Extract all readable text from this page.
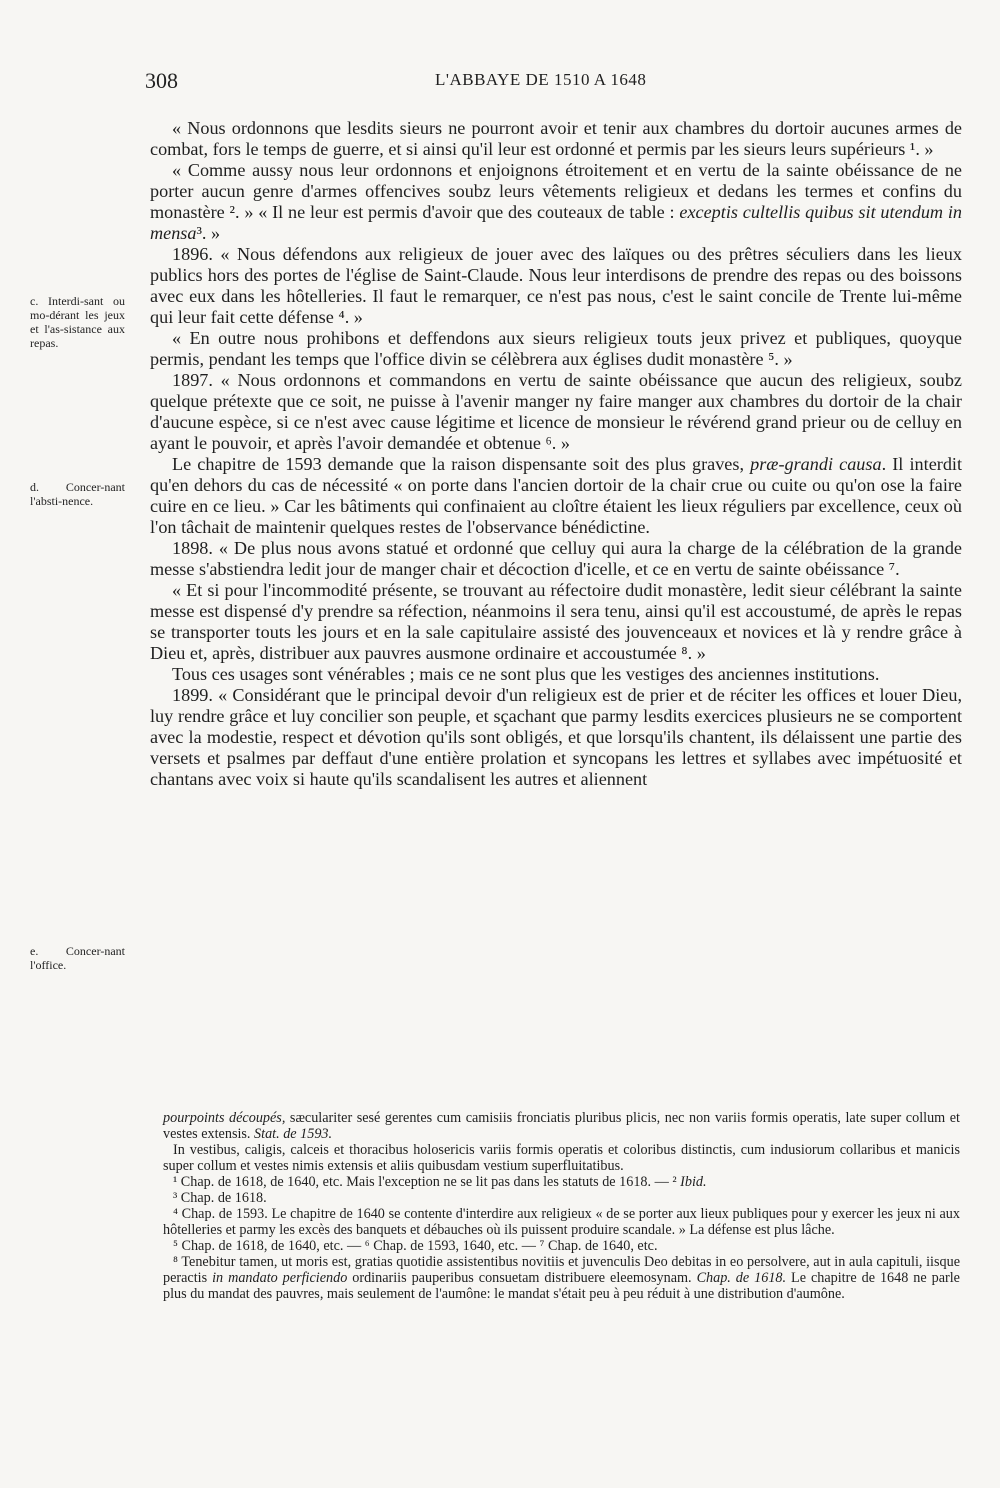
308	L'ABBAYE DE 1510 A 1648
c. Interdi-sant ou mo-dérant les jeux et l'as-sistance aux repas.
d. Concer-nant l'absti-nence.
e. Concer-nant l'office.

« Nous ordonnons que lesdits sieurs ne pourront avoir et tenir aux chambres du dortoir aucunes armes de combat, fors le temps de guerre, et si ainsi qu'il leur est ordonné et permis par les sieurs leurs supérieurs ¹. »

« Comme aussy nous leur ordonnons et enjoignons étroitement et en vertu de la sainte obéissance de ne porter aucun genre d'armes offencives soubz leurs vêtements religieux et dedans les termes et confins du monastère ². » « Il ne leur est permis d'avoir que des couteaux de table : exceptis cultellis quibus sit utendum in mensa³. »

1896. « Nous défendons aux religieux de jouer avec des laïques ou des prêtres séculiers dans les lieux publics hors des portes de l'église de Saint-Claude. Nous leur interdisons de prendre des repas ou des boissons avec eux dans les hôtelleries. Il faut le remarquer, ce n'est pas nous, c'est le saint concile de Trente lui-même qui leur fait cette défense ⁴. »

« En outre nous prohibons et deffendons aux sieurs religieux touts jeux privez et publiques, quoyque permis, pendant les temps que l'office divin se célèbrera aux églises dudit monastère ⁵. »

1897. « Nous ordonnons et commandons en vertu de sainte obéissance que aucun des religieux, soubz quelque prétexte que ce soit, ne puisse à l'avenir manger ny faire manger aux chambres du dortoir de la chair d'aucune espèce, si ce n'est avec cause légitime et licence de monsieur le révérend grand prieur ou de celluy en ayant le pouvoir, et après l'avoir demandée et obtenue ⁶. »

Le chapitre de 1593 demande que la raison dispensante soit des plus graves, præ-grandi causa. Il interdit qu'en dehors du cas de nécessité « on porte dans l'ancien dortoir de la chair crue ou cuite ou qu'on ose la faire cuire en ce lieu. » Car les bâtiments qui confinaient au cloître étaient les lieux réguliers par excellence, ceux où l'on tâchait de maintenir quelques restes de l'observance bénédictine.

1898. « De plus nous avons statué et ordonné que celluy qui aura la charge de la célébration de la grande messe s'abstiendra ledit jour de manger chair et décoction d'icelle, et ce en vertu de sainte obéissance ⁷.

« Et si pour l'incommodité présente, se trouvant au réfectoire dudit monastère, ledit sieur célébrant la sainte messe est dispensé d'y prendre sa réfection, néanmoins il sera tenu, ainsi qu'il est accoustumé, de après le repas se transporter touts les jours et en la sale capitulaire assisté des jouvenceaux et novices et là y rendre grâce à Dieu et, après, distribuer aux pauvres ausmone ordinaire et accoustumée ⁸. »

Tous ces usages sont vénérables ; mais ce ne sont plus que les vestiges des anciennes institutions.

1899. « Considérant que le principal devoir d'un religieux est de prier et de réciter les offices et louer Dieu, luy rendre grâce et luy concilier son peuple, et sçachant que parmy lesdits exercices plusieurs ne se comportent avec la modestie, respect et dévotion qu'ils sont obligés, et que lorsqu'ils chantent, ils délaissent une partie des versets et psalmes par deffaut d'une entière prolation et syncopans les lettres et syllabes avec impétuosité et chantans avec voix si haute qu'ils scandalisent les autres et aliennent

pourpoints découpés, sæculariter sesé gerentes cum camisiis fronciatis pluribus plicis, nec non variis formis operatis, late super collum et vestes extensis. Stat. de 1593.

In vestibus, caligis, calceis et thoracibus holosericis variis formis operatis et coloribus distinctis, cum indusiorum collaribus et manicis super collum et vestes nimis extensis et aliis quibusdam vestium superfluitatibus.

¹ Chap. de 1618, de 1640, etc. Mais l'exception ne se lit pas dans les statuts de 1618. — ² Ibid.

³ Chap. de 1618.

⁴ Chap. de 1593. Le chapitre de 1640 se contente d'interdire aux religieux « de se porter aux lieux publiques pour y exercer les jeux ni aux hôtelleries et parmy les excès des banquets et débauches où ils puissent produire scandale. » La défense est plus lâche.

⁵ Chap. de 1618, de 1640, etc. — ⁶ Chap. de 1593, 1640, etc. — ⁷ Chap. de 1640, etc.

⁸ Tenebitur tamen, ut moris est, gratias quotidie assistentibus novitiis et juvenculis Deo debitas in eo persolvere, aut in aula capituli, iisque peractis in mandato perficiendo ordinariis pauperibus consuetam distribuere eleemosynam. Chap. de 1618. Le chapitre de 1648 ne parle plus du mandat des pauvres, mais seulement de l'aumône: le mandat s'était peu à peu réduit à une distribution d'aumône.
